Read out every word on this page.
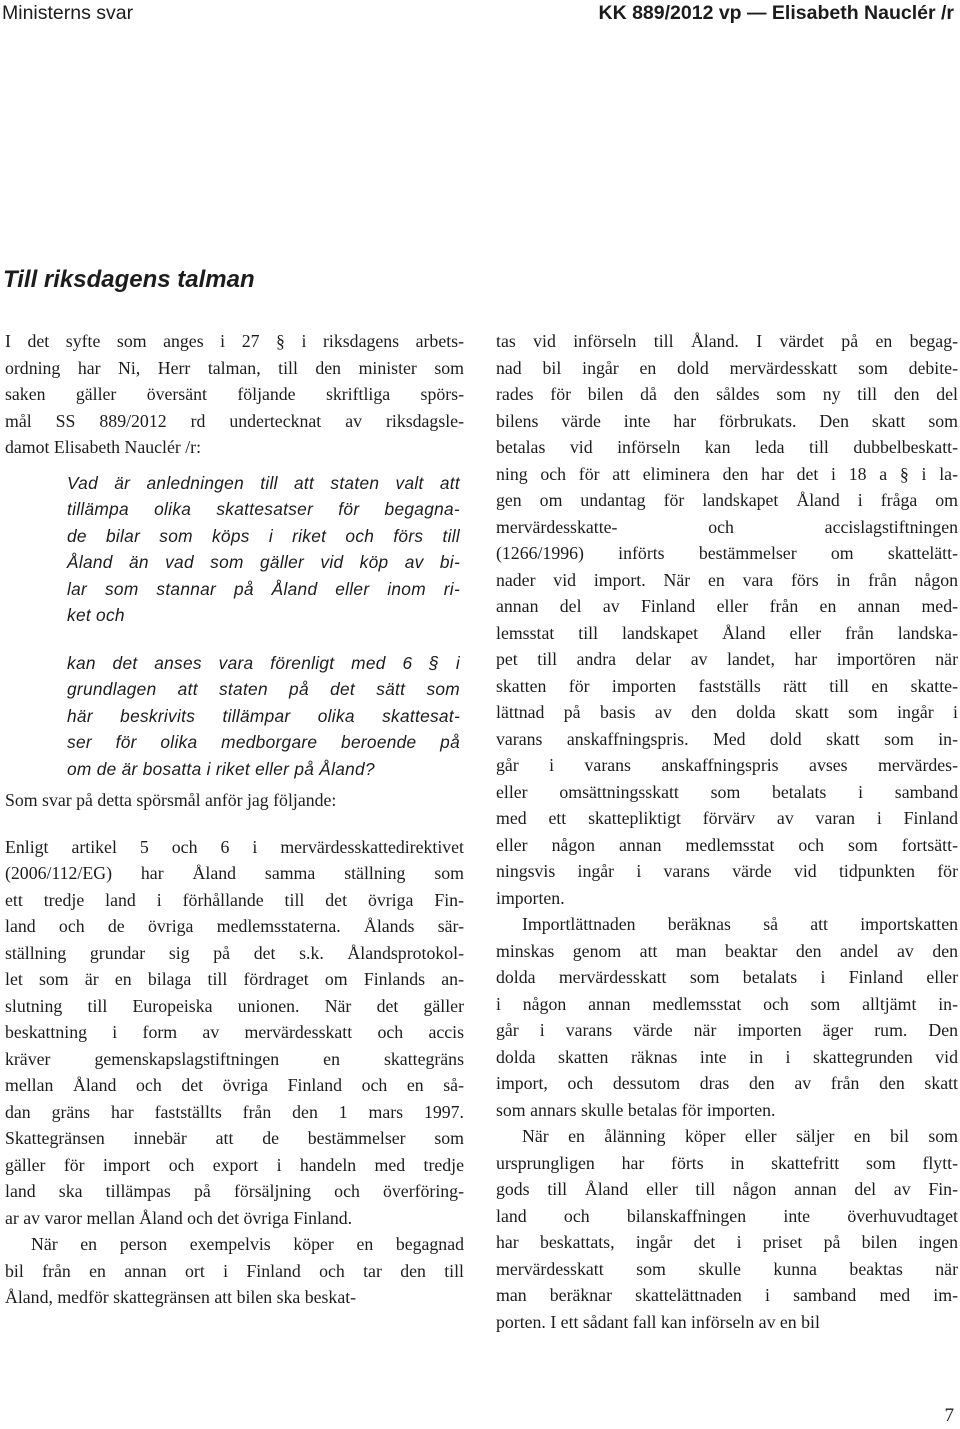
Ministerns svar	KK 889/2012 vp — Elisabeth Nauclér /r
Till riksdagens talman
I det syfte som anges i 27 § i riksdagens arbets-
ordning har Ni, Herr talman, till den minister som
saken gäller översänt följande skriftliga spörs-
mål SS 889/2012 rd undertecknat av riksdagsle-
damot Elisabeth Nauclér /r:
Vad är anledningen till att staten valt att
tillämpa olika skattesatser för begagna-
de bilar som köps i riket och förs till
Åland än vad som gäller vid köp av bi-
lar som stannar på Åland eller inom ri-
ket och
kan det anses vara förenligt med 6 § i
grundlagen att staten på det sätt som
här beskrivits tillämpar olika skattesat-
ser för olika medborgare beroende på
om de är bosatta i riket eller på Åland?
Som svar på detta spörsmål anför jag följande:
Enligt artikel 5 och 6 i mervärdesskattedirektivet
(2006/112/EG) har Åland samma ställning som
ett tredje land i förhållande till det övriga Fin-
land och de övriga medlemsstaterna. Ålands sär-
ställning grundar sig på det s.k. Ålandsprotokol-
let som är en bilaga till fördraget om Finlands an-
slutning till Europeiska unionen. När det gäller
beskattning i form av mervärdesskatt och accis
kräver gemenskapslagstiftningen en skattegräns
mellan Åland och det övriga Finland och en så-
dan gräns har fastställts från den 1 mars 1997.
Skattegränsen innebär att de bestämmelser som
gäller för import och export i handeln med tredje
land ska tillämpas på försäljning och överföring-
ar av varor mellan Åland och det övriga Finland.
När en person exempelvis köper en begagnad
bil från en annan ort i Finland och tar den till
Åland, medför skattegränsen att bilen ska beskat-
tas vid införseln till Åland. I värdet på en begag-
nad bil ingår en dold mervärdesskatt som debite-
rades för bilen då den såldes som ny till den del
bilens värde inte har förbrukats. Den skatt som
betalas vid införseln kan leda till dubbelbeskatt-
ning och för att eliminera den har det i 18 a § i la-
gen om undantag för landskapet Åland i fråga om
mervärdesskatte- och accislagstiftningen
(1266/1996) införts bestämmelser om skattelätt-
nader vid import. När en vara förs in från någon
annan del av Finland eller från en annan med-
lemsstat till landskapet Åland eller från landska-
pet till andra delar av landet, har importören när
skatten för importen fastställs rätt till en skatte-
lättnad på basis av den dolda skatt som ingår i
varans anskaffningspris. Med dold skatt som in-
går i varans anskaffningspris avses mervärdes-
eller omsättningsskatt som betalats i samband
med ett skattepliktigt förvärv av varan i Finland
eller någon annan medlemsstat och som fortsätt-
ningsvis ingår i varans värde vid tidpunkten för
importen.
Importlättnaden beräknas så att importskatten
minskas genom att man beaktar den andel av den
dolda mervärdesskatt som betalats i Finland eller
i någon annan medlemsstat och som alltjämt in-
går i varans värde när importen äger rum. Den
dolda skatten räknas inte in i skattegrunden vid
import, och dessutom dras den av från den skatt
som annars skulle betalas för importen.
När en ålänning köper eller säljer en bil som
ursprungligen har förts in skattefritt som flytt-
gods till Åland eller till någon annan del av Fin-
land och bilanskaffningen inte överhuvudtaget
har beskattats, ingår det i priset på bilen ingen
mervärdesskatt som skulle kunna beaktas när
man beräknar skattelättnaden i samband med im-
porten. I ett sådant fall kan införseln av en bil
7
